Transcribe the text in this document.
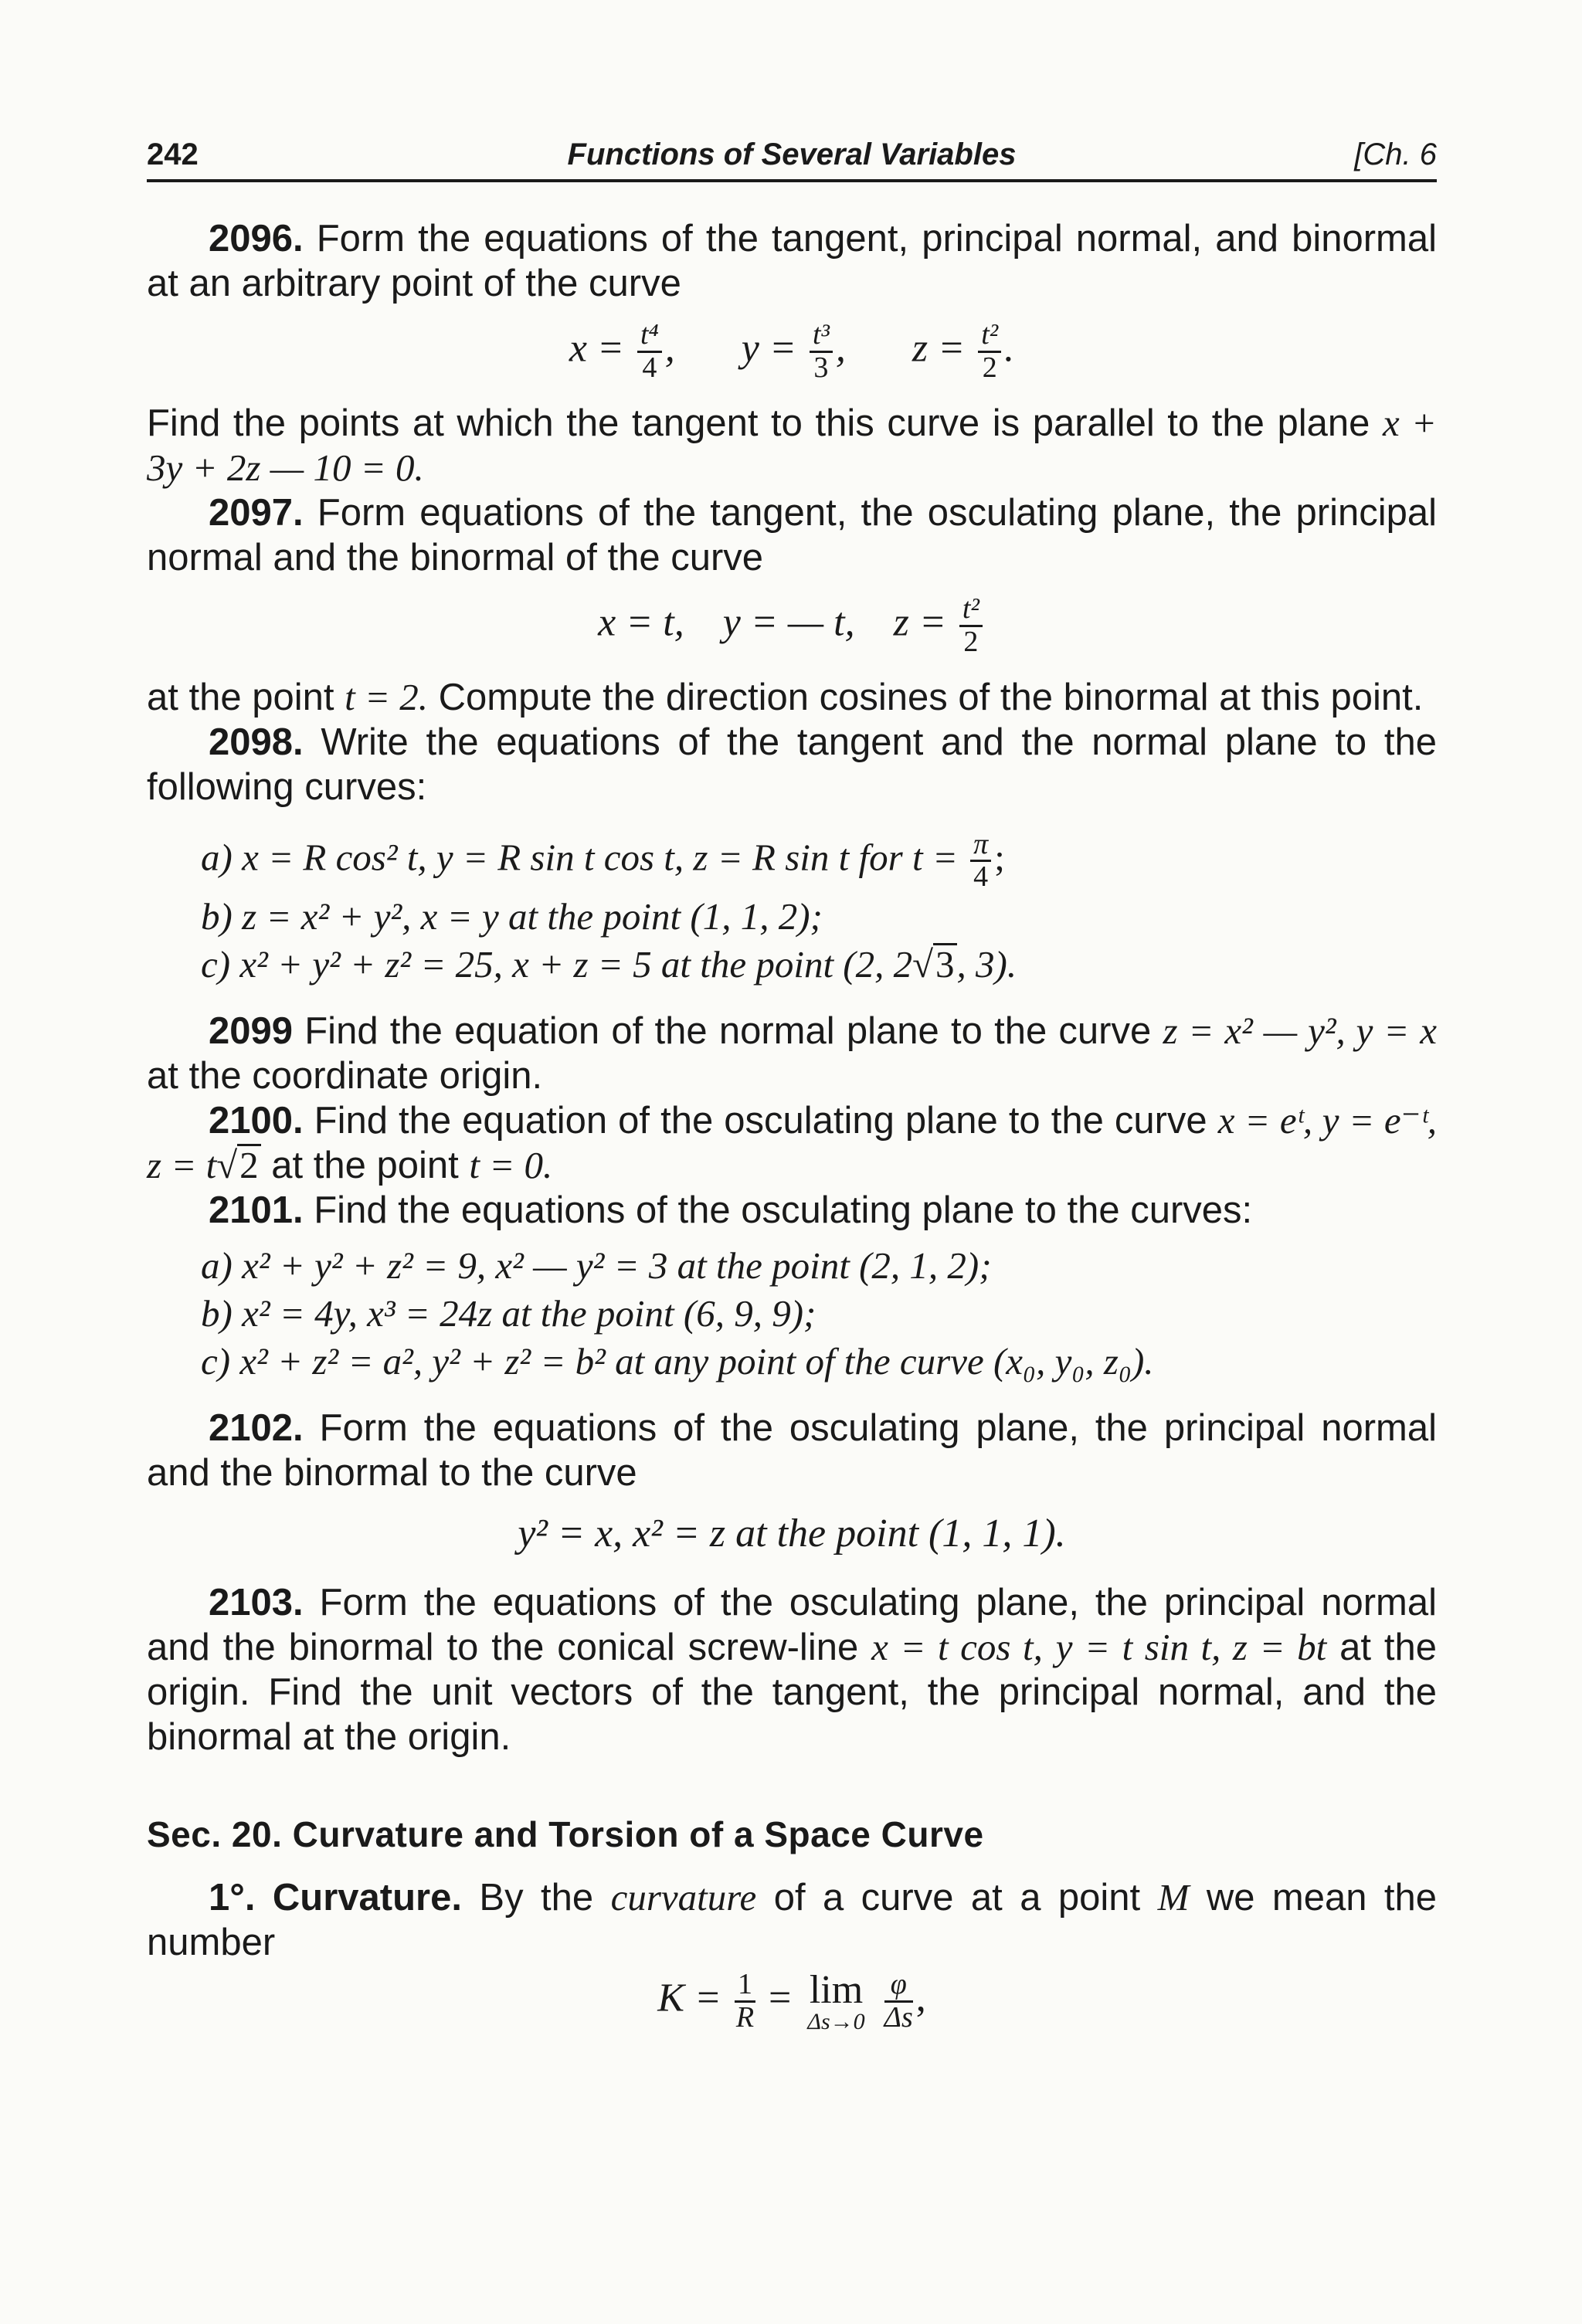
242	Functions of Several Variables	[Ch. 6

2096. Form the equations of the tangent, principal normal, and binormal at an arbitrary point of the curve

$x = \frac{\text{t⁴}}{4}$ ,  $y = \frac{\text{t³}}{3}$ ,  $z = \frac{\text{t²}}{2}$ .

Find the points at which the tangent to this curve is parallel to the plane x + 3y + 2z — 10 = 0.

2097. Form equations of the tangent, the osculating plane, the principal normal and the binormal of the curve

x = t, y = — t, $z = \frac{\text{t²}}{2}$

at the point t = 2. Compute the direction cosines of the binormal at this point.

2098. Write the equations of the tangent and the normal plane to the following curves:

a) x = R cos² t, y = R sin t cos t, z = R sin t for $t = \frac{\pi}{4}$ ;
b) z = x² + y², x = y at the point (1, 1, 2);
c) x² + y² + z² = 25, x + z = 5 at the point (2, 2√3, 3).

2099 Find the equation of the normal plane to the curve z = x² — y², y = x at the coordinate origin.

2100. Find the equation of the osculating plane to the curve x = eᵗ, y = e⁻ᵗ, z = t√2 at the point t = 0.

2101. Find the equations of the osculating plane to the curves:

a) x² + y² + z² = 9, x² — y² = 3 at the point (2, 1, 2);
b) x² = 4y, x³ = 24z at the point (6, 9, 9);
c) x² + z² = a², y² + z² = b² at any point of the curve (x₀, y₀, z₀).

2102. Form the equations of the osculating plane, the principal normal and the binormal to the curve

y² = x, x² = z at the point (1, 1, 1).

2103. Form the equations of the osculating plane, the principal normal and the binormal to the conical screw-line x = t cos t, y = t sin t, z = bt at the origin. Find the unit vectors of the tangent, the principal normal, and the binormal at the origin.

Sec. 20. Curvature and Torsion of a Space Curve

1°. Curvature. By the curvature of a curve at a point M we mean the number

$K = \frac{1}{R} = \lim$
Δs→0
$\frac{\varphi}{\Delta s}$ ,
